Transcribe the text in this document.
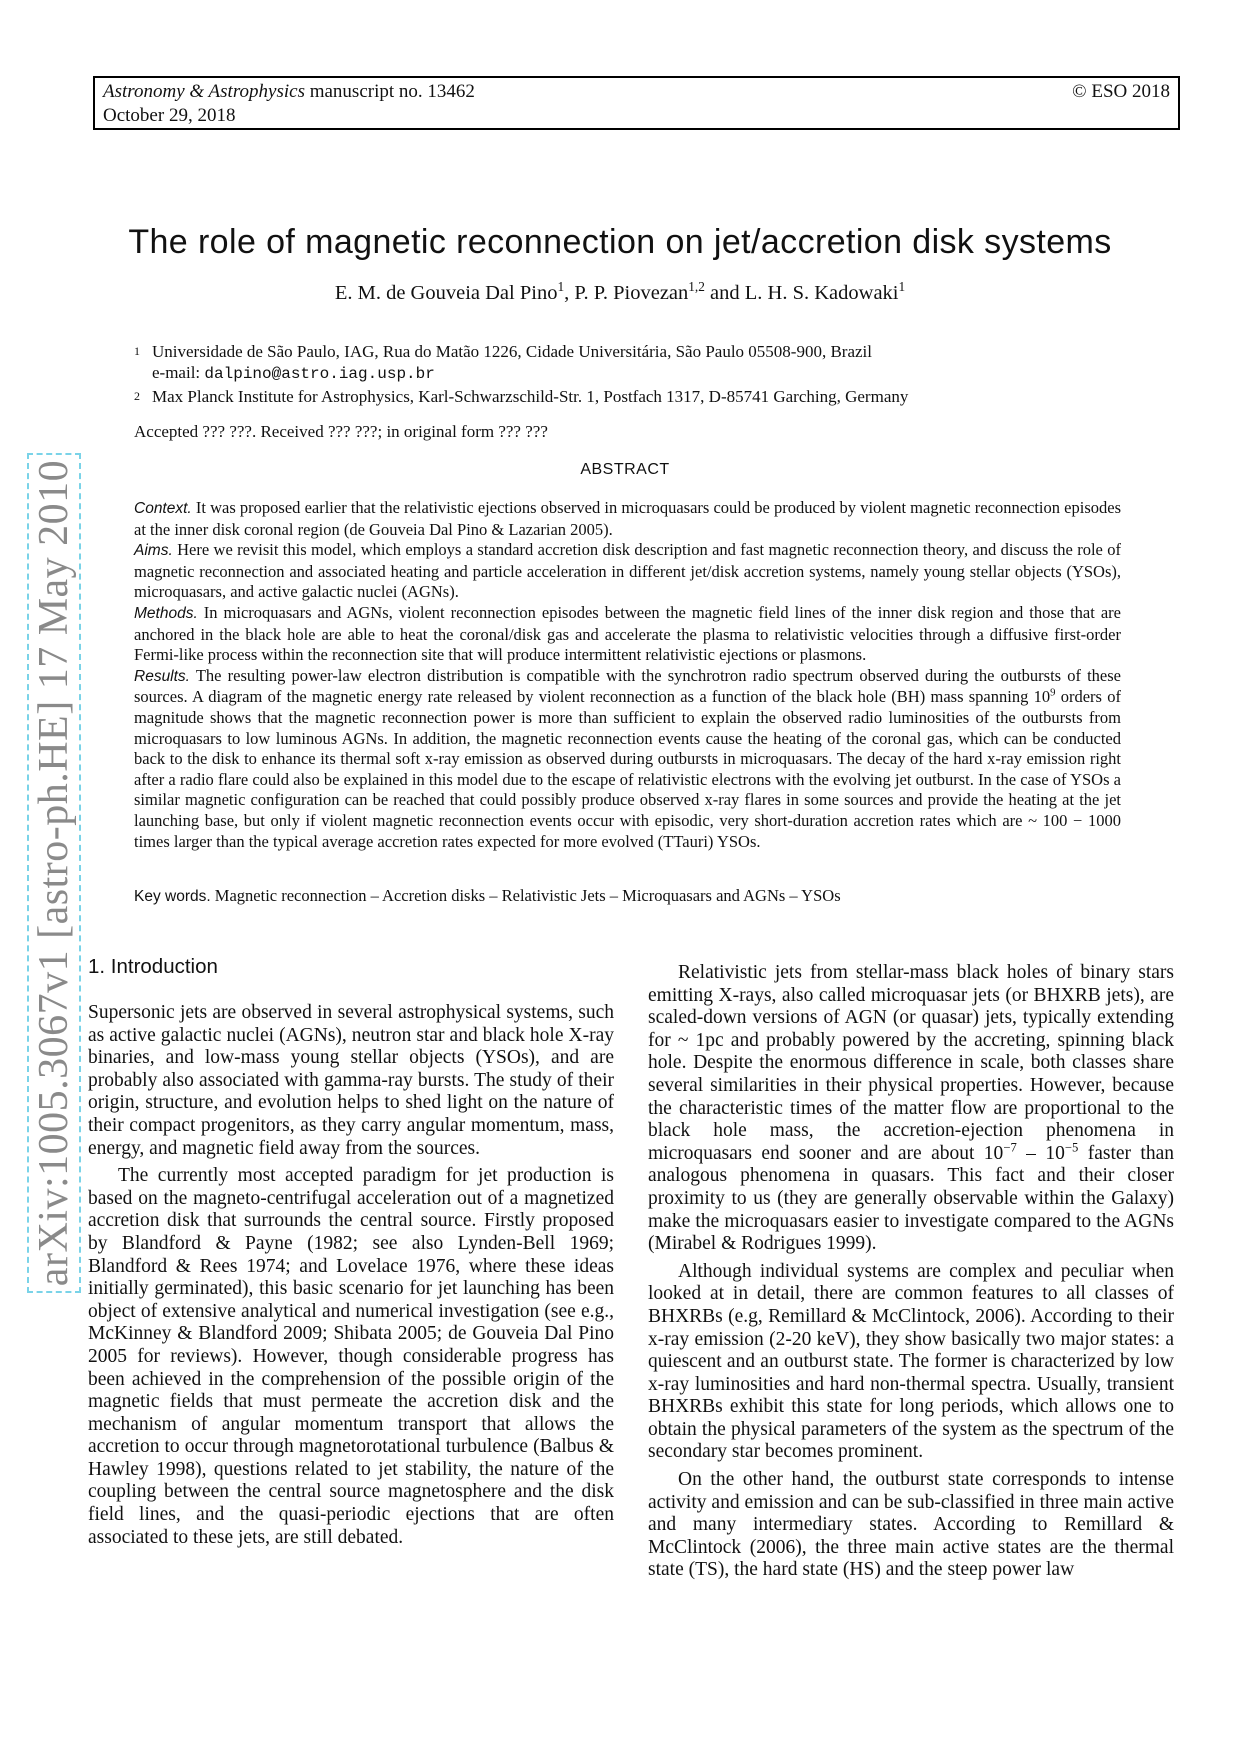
Astronomy & Astrophysics manuscript no. 13462
October 29, 2018
© ESO 2018
arXiv:1005.3067v1 [astro-ph.HE] 17 May 2010
The role of magnetic reconnection on jet/accretion disk systems
E. M. de Gouveia Dal Pino$^1$, P. P. Piovezan$^{1,2}$ and L. H. S. Kadowaki$^1$
1 Universidade de São Paulo, IAG, Rua do Matão 1226, Cidade Universitária, São Paulo 05508-900, Brazil
e-mail: dalpino@astro.iag.usp.br
2 Max Planck Institute for Astrophysics, Karl-Schwarzschild-Str. 1, Postfach 1317, D-85741 Garching, Germany
Accepted ??? ???. Received ??? ???; in original form ??? ???
ABSTRACT

Context. It was proposed earlier that the relativistic ejections observed in microquasars could be produced by violent magnetic reconnection episodes at the inner disk coronal region (de Gouveia Dal Pino & Lazarian 2005).

Aims. Here we revisit this model, which employs a standard accretion disk description and fast magnetic reconnection theory, and discuss the role of magnetic reconnection and associated heating and particle acceleration in different jet/disk accretion systems, namely young stellar objects (YSOs), microquasars, and active galactic nuclei (AGNs).

Methods. In microquasars and AGNs, violent reconnection episodes between the magnetic field lines of the inner disk region and those that are anchored in the black hole are able to heat the coronal/disk gas and accelerate the plasma to relativistic velocities through a diffusive first-order Fermi-like process within the reconnection site that will produce intermittent relativistic ejections or plasmons.

Results. The resulting power-law electron distribution is compatible with the synchrotron radio spectrum observed during the outbursts of these sources. A diagram of the magnetic energy rate released by violent reconnection as a function of the black hole (BH) mass spanning $10^9$ orders of magnitude shows that the magnetic reconnection power is more than sufficient to explain the observed radio luminosities of the outbursts from microquasars to low luminous AGNs. In addition, the magnetic reconnection events cause the heating of the coronal gas, which can be conducted back to the disk to enhance its thermal soft x-ray emission as observed during outbursts in microquasars. The decay of the hard x-ray emission right after a radio flare could also be explained in this model due to the escape of relativistic electrons with the evolving jet outburst. In the case of YSOs a similar magnetic configuration can be reached that could possibly produce observed x-ray flares in some sources and provide the heating at the jet launching base, but only if violent magnetic reconnection events occur with episodic, very short-duration accretion rates which are ~ 100 − 1000 times larger than the typical average accretion rates expected for more evolved (TTauri) YSOs.

Key words. Magnetic reconnection – Accretion disks – Relativistic Jets – Microquasars and AGNs – YSOs
1. Introduction

Supersonic jets are observed in several astrophysical systems, such as active galactic nuclei (AGNs), neutron star and black hole X-ray binaries, and low-mass young stellar objects (YSOs), and are probably also associated with gamma-ray bursts. The study of their origin, structure, and evolution helps to shed light on the nature of their compact progenitors, as they carry angular momentum, mass, energy, and magnetic field away from the sources.

The currently most accepted paradigm for jet production is based on the magneto-centrifugal acceleration out of a magnetized accretion disk that surrounds the central source. Firstly proposed by Blandford & Payne (1982; see also Lynden-Bell 1969; Blandford & Rees 1974; and Lovelace 1976, where these ideas initially germinated), this basic scenario for jet launching has been object of extensive analytical and numerical investigation (see e.g., McKinney & Blandford 2009; Shibata 2005; de Gouveia Dal Pino 2005 for reviews). However, though considerable progress has been achieved in the comprehension of the possible origin of the magnetic fields that must permeate the accretion disk and the mechanism of angular momentum transport that allows the accretion to occur through magnetorotational turbulence (Balbus & Hawley 1998), questions related to jet stability, the nature of the coupling between the central source magnetosphere and the disk field lines, and the quasi-periodic ejections that are often associated to these jets, are still debated.

Relativistic jets from stellar-mass black holes of binary stars emitting X-rays, also called microquasar jets (or BHXRB jets), are scaled-down versions of AGN (or quasar) jets, typically extending for ~ 1pc and probably powered by the accreting, spinning black hole. Despite the enormous difference in scale, both classes share several similarities in their physical properties. However, because the characteristic times of the matter flow are proportional to the black hole mass, the accretion-ejection phenomena in microquasars end sooner and are about $10^{-7} - 10^{-5}$ faster than analogous phenomena in quasars. This fact and their closer proximity to us (they are generally observable within the Galaxy) make the microquasars easier to investigate compared to the AGNs (Mirabel & Rodrigues 1999).

Although individual systems are complex and peculiar when looked at in detail, there are common features to all classes of BHXRBs (e.g, Remillard & McClintock, 2006). According to their x-ray emission (2-20 keV), they show basically two major states: a quiescent and an outburst state. The former is characterized by low x-ray luminosities and hard non-thermal spectra. Usually, transient BHXRBs exhibit this state for long periods, which allows one to obtain the physical parameters of the system as the spectrum of the secondary star becomes prominent.

On the other hand, the outburst state corresponds to intense activity and emission and can be sub-classified in three main active and many intermediary states. According to Remillard & McClintock (2006), the three main active states are the thermal state (TS), the hard state (HS) and the steep power law
